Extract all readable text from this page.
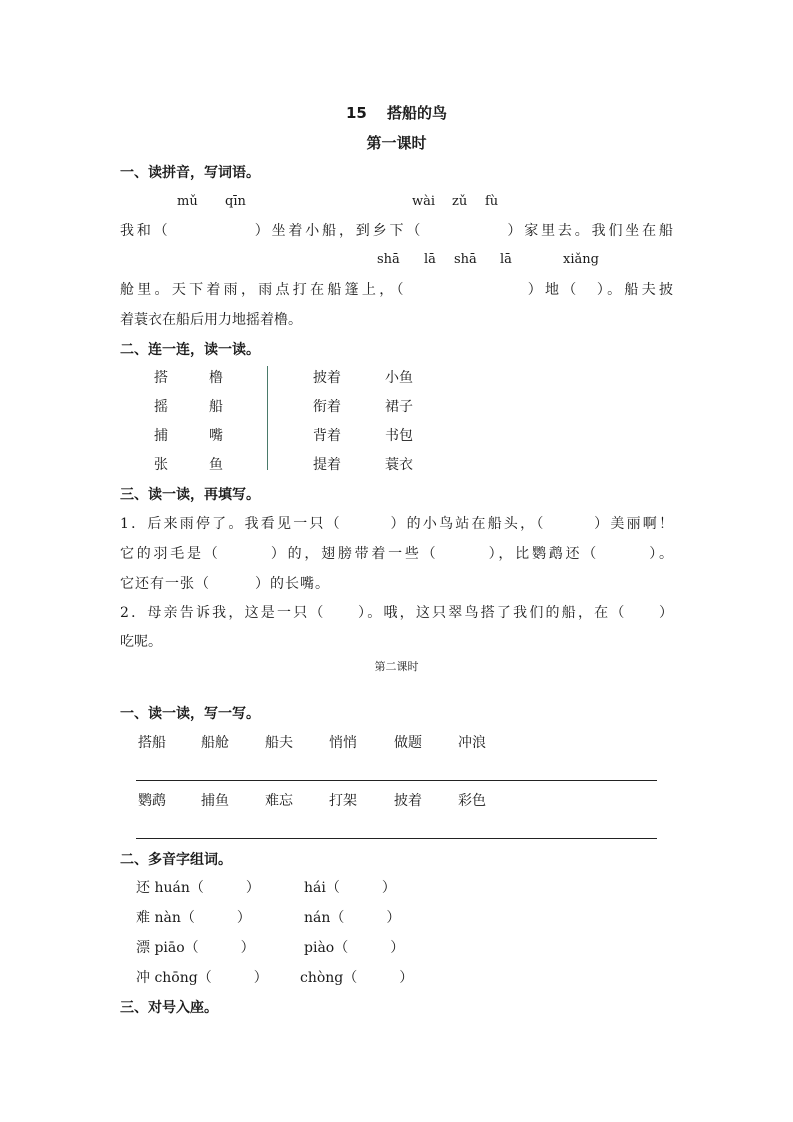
15　 搭船的鸟
第一课时
一、读拼音，写词语。
mǔ qīn	wài zǔ fù
我和（　　　　　）坐着小船，到乡下（　　　　　）家里去。我们坐在船
shā lā shā lā	xiǎng
舱里。天下着雨，雨点打在船篷上，（　　　　　　　）地（　）。船夫披
着蓑衣在船后用力地摇着橹。
二、连一连，读一读。
搭	橹
摇	船
捕	嘴
张	鱼
披着	小鱼
衔着	裙子
背着	书包
提着	蓑衣
三、读一读，再填写。
1．后来雨停了。我看见一只（　　　）的小鸟站在船头，（　　　）美丽啊！
它的羽毛是（　　　）的，翅膀带着一些（　　　），比鹦鹉还（　　　）。
它还有一张（　　　）的长嘴。
2．母亲告诉我，这是一只（　　）。哦，这只翠鸟搭了我们的船，在（　　）
吃呢。
第二课时
一、读一读，写一写。
搭船	船舱	船夫	悄悄	做题	冲浪
鹦鹉	捕鱼	难忘	打架	披着	彩色
二、多音字组词。
还 huán（　　　）	hái（　　　）
难 nàn（　　　）	nán（　　　）
漂 piāo（　　　）	piào（　　　）
冲 chōng（　　　） chòng（　　　）
三、对号入座。
